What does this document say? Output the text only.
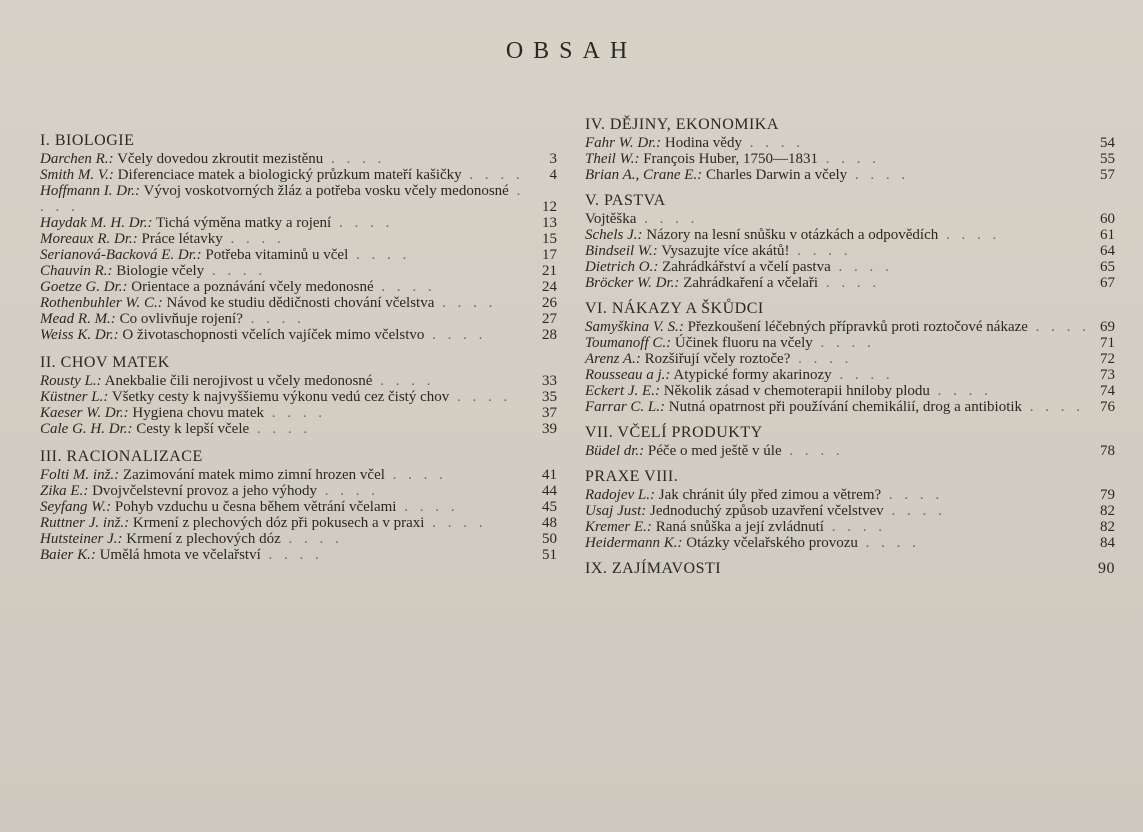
OBSAH
I. BIOLOGIE
Darchen R.: Včely dovedou zkroutit mezistěnu . . . .	3
Smith M. V.: Diferenciace matek a biologický průzkum mateří kašičky . . . .	4
Hoffmann I. Dr.: Vývoj voskotvorných žláz a potřeba vosku včely medonosné . . . .	12
Haydak M. H. Dr.: Tichá výměna matky a rojení . . . .	13
Moreaux R. Dr.: Práce létavky . . . .	15
Serianová-Backová E. Dr.: Potřeba vitaminů u včel . . . .	17
Chauvin R.: Biologie včely . . . .	21
Goetze G. Dr.: Orientace a poznávání včely medonosné . . . .	24
Rothenbuhler W. C.: Návod ke studiu dědičnosti chování včelstva . . . .	26
Mead R. M.: Co ovlivňuje rojení? . . . .	27
Weiss K. Dr.: O životaschopnosti včelích vajíček mimo včelstvo . . . .	28
II. CHOV MATEK
Rousty L.: Anekbalie čili nerojivost u včely medonosné . . . .	33
Küstner L.: Všetky cesty k najvyššiemu výkonu vedú cez čistý chov . . . .	35
Kaeser W. Dr.: Hygiena chovu matek . . . .	37
Cale G. H. Dr.: Cesty k lepší včele . . . .	39
III. RACIONALIZACE
Folti M. inž.: Zazimování matek mimo zimní hrozen včel . . . .	41
Zika E.: Dvojvčelstevní provoz a jeho výhody . . . .	44
Seyfang W.: Pohyb vzduchu u česna během větrání včelami . . . .	45
Ruttner J. inž.: Krmení z plechových dóz při pokusech a v praxi . . . .	48
Hutsteiner J.: Krmení z plechových dóz . . . .	50
Baier K.: Umělá hmota ve včelařství . . . .	51
IV. DĚJINY, EKONOMIKA
Fahr W. Dr.: Hodina vědy . . . .	54
Theil W.: François Huber, 1750—1831 . . . .	55
Brian A., Crane E.: Charles Darwin a včely . . . .	57
V. PASTVA
Vojtěška . . . .	60
Schels J.: Názory na lesní snůšku v otázkách a odpovědích . . . .	61
Bindseil W.: Vysazujte více akátů! . . . .	64
Dietrich O.: Zahrádkářství a včelí pastva . . . .	65
Bröcker W. Dr.: Zahrádkaření a včelaři . . . .	67
VI. NÁKAZY A ŠKŮDCI
Samyškina V. S.: Přezkoušení léčebných přípravků proti roztočové nákaze . . . . 69
Toumanoff C.: Účinek fluoru na včely . . . .	71
Arenz A.: Rozšiřují včely roztoče? . . . .	72
Rousseau a j.: Atypické formy akarinozy . . . .	73
Eckert J. E.: Několik zásad v chemoterapii hniloby plodu . . . .	74
Farrar C. L.: Nutná opatrnost při používání chemikálií, drog a antibiotik . . . .	76
VII. VČELÍ PRODUKTY
Büdel dr.: Péče o med ještě v úle . . . .	78
PRAXE VIII.
Radojev L.: Jak chránit úly před zimou a větrem? . . . .	79
Usaj Just: Jednoduchý způsob uzavření včelstvev . . . .	82
Kremer E.: Raná snůška a její zvládnutí . . . .	82
Heidermann K.: Otázky včelařského provozu . . . .	84
IX. ZAJÍMAVOSTI	90
